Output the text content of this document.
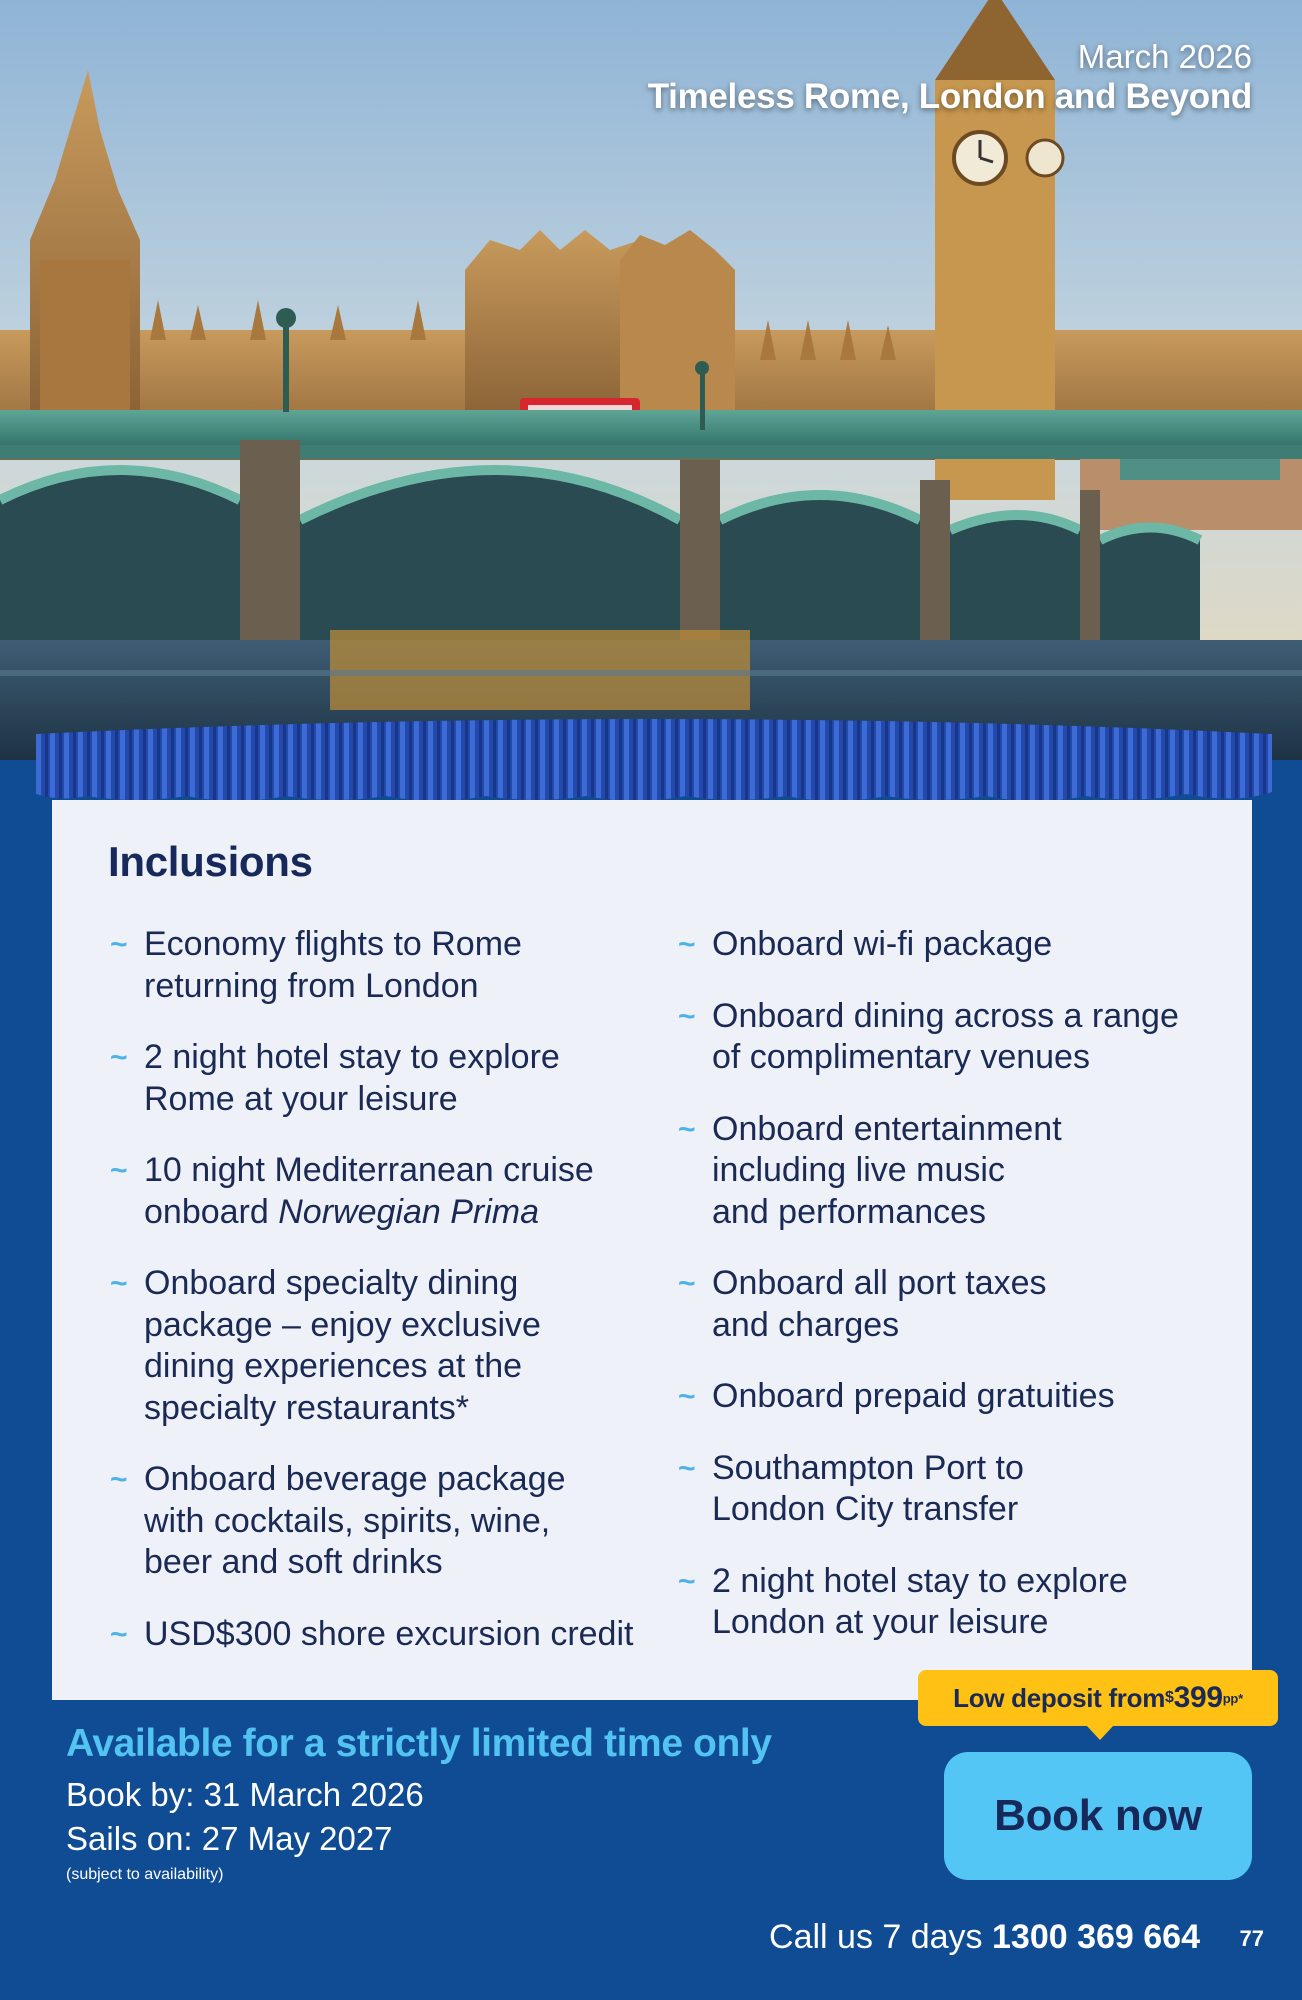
March 2026
Timeless Rome, London and Beyond
Inclusions
~ Economy flights to Rome
returning from London
~ 2 night hotel stay to explore
Rome at your leisure
~ 10 night Mediterranean cruise
onboard Norwegian Prima
~ Onboard specialty dining
package – enjoy exclusive
dining experiences at the
specialty restaurants*
~ Onboard beverage package
with cocktails, spirits, wine,
beer and soft drinks
~ USD$300 shore excursion credit
~ Onboard wi-fi package
~ Onboard dining across a range
of complimentary venues
~ Onboard entertainment
including live music
and performances
~ Onboard all port taxes
and charges
~ Onboard prepaid gratuities
~ Southampton Port to
London City transfer
~ 2 night hotel stay to explore
London at your leisure
Available for a strictly limited time only
Book by: 31 March 2026
Sails on: 27 May 2027
(subject to availability)
Low deposit from $ 399 pp*
Book now
Call us 7 days 1300 369 664 77
